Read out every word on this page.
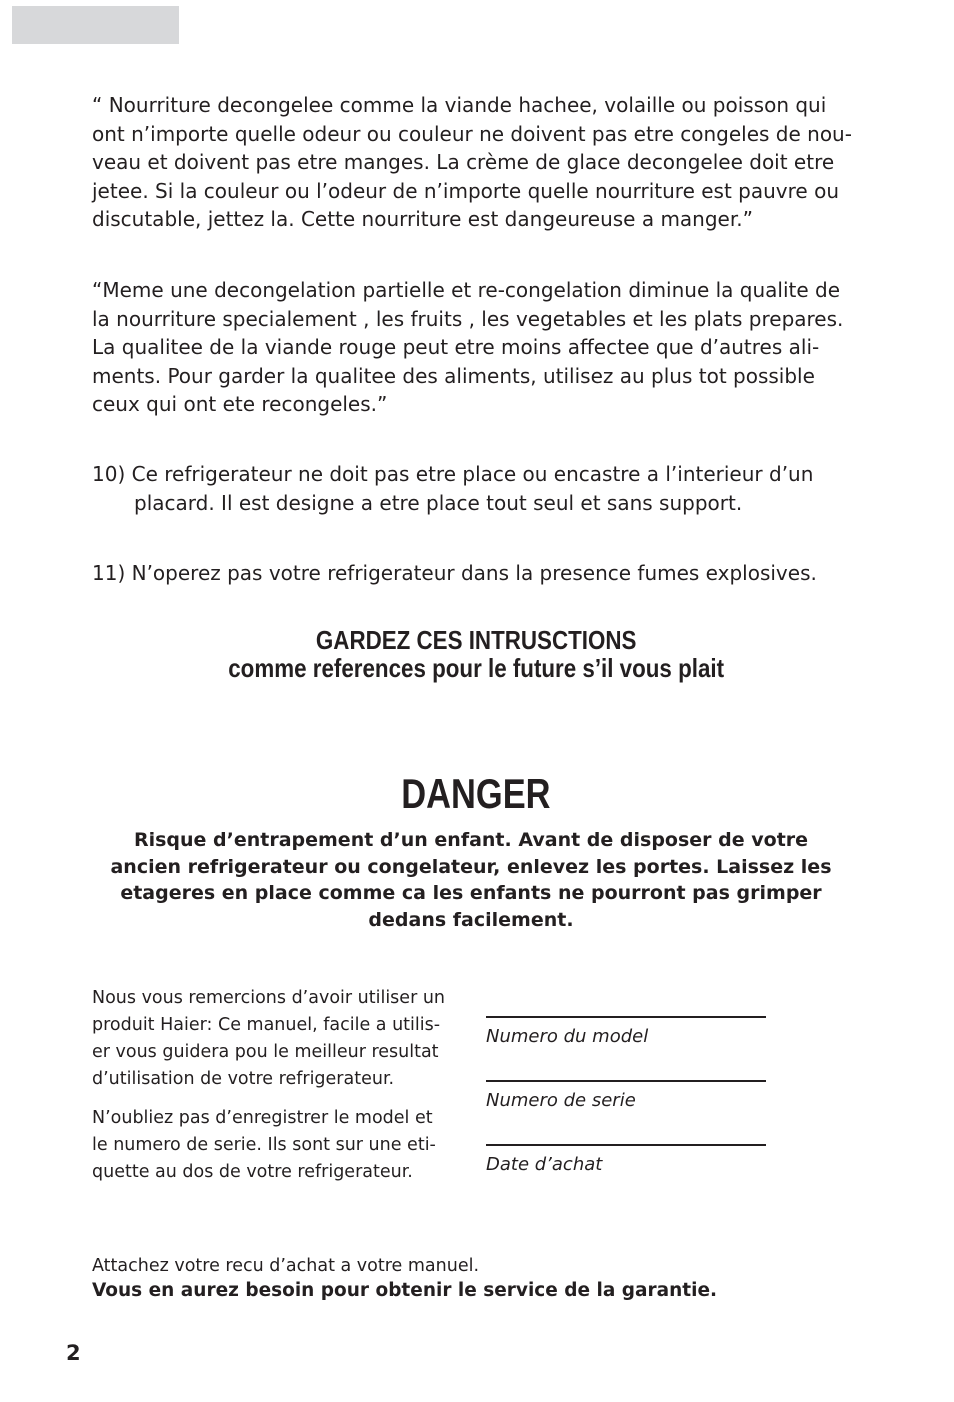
“ Nourriture decongelee comme la viande hachee, volaille ou poisson qui
ont n’importe quelle odeur ou couleur ne doivent pas etre congeles de nou-
veau et doivent pas etre manges. La crème de glace decongelee doit etre
jetee. Si la couleur ou l’odeur de n’importe quelle nourriture est pauvre ou
discutable, jettez la. Cette nourriture est dangeureuse a manger.”

“Meme une decongelation partielle et re-congelation diminue la qualite de
la nourriture specialement , les fruits , les vegetables et les plats prepares.
La qualitee de la viande rouge peut etre moins affectee que d’autres ali-
ments. Pour garder la qualitee des aliments, utilisez au plus tot possible
ceux qui ont ete recongeles.”

10) Ce refrigerateur ne doit pas etre place ou encastre a l’interieur d’un
placard. Il est designe a etre place tout seul et sans support.

11) N’operez pas votre refrigerateur dans la presence fumes explosives.

GARDEZ CES INTRUSCTIONS
comme references pour le future s’il vous plait
DANGER
Risque d’entrapement d’un enfant. Avant de disposer de votre
ancien refrigerateur ou congelateur, enlevez les portes. Laissez les
etageres en place comme ca les enfants ne pourront pas grimper
dedans facilement.
Nous vous remercions d’avoir utiliser un
produit Haier: Ce manuel, facile a utilis-
er vous guidera pou le meilleur resultat
d’utilisation de votre refrigerateur.
N’oubliez pas d’enregistrer le model et
le numero de serie. Ils sont sur une eti-
quette au dos de votre refrigerateur.
Numero du model
Numero de serie
Date d’achat
Attachez votre recu d’achat a votre manuel.
Vous en aurez besoin pour obtenir le service de la garantie.
2
